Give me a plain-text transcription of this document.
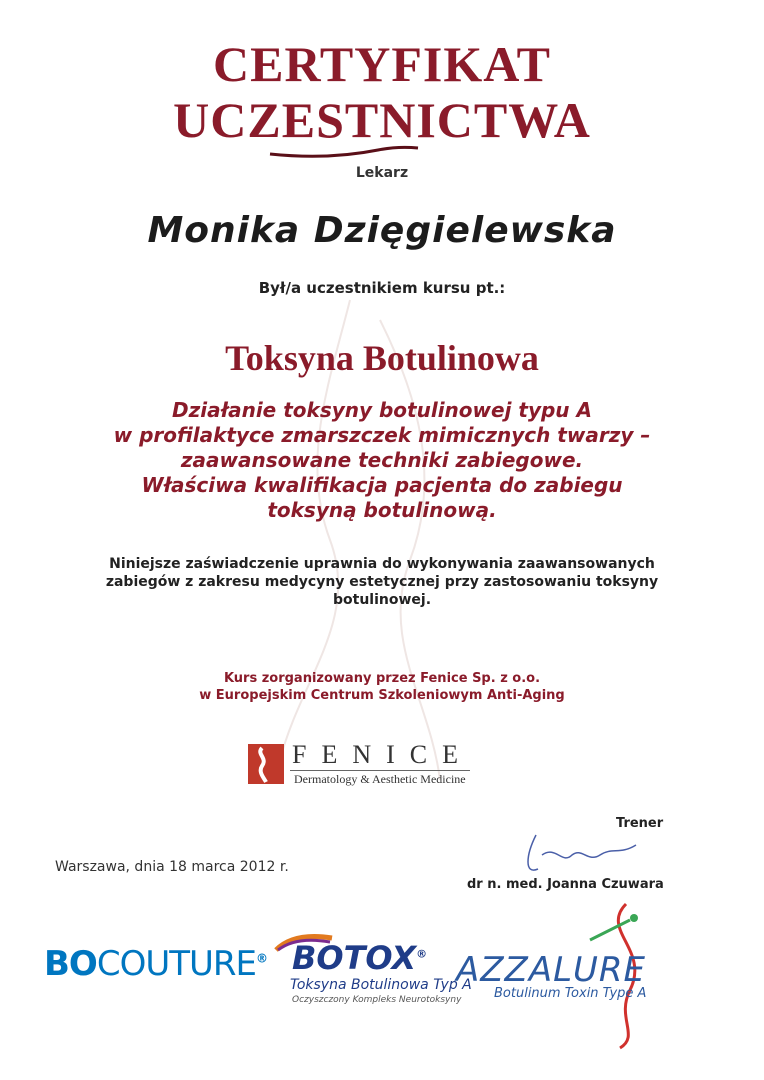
CERTYFIKAT
UCZESTNICTWA
Lekarz
Monika Dzięgielewska
Był/a uczestnikiem kursu pt.:
Toksyna Botulinowa
Działanie toksyny botulinowej typu A
w profilaktyce zmarszczek mimicznych twarzy –
zaawansowane techniki zabiegowe.
Właściwa kwalifikacja pacjenta do zabiegu
toksyną botulinową.
Niniejsze zaświadczenie uprawnia do wykonywania zaawansowanych
zabiegów z zakresu medycyny estetycznej przy zastosowaniu toksyny
botulinowej.
Kurs zorganizowany przez Fenice Sp. z o.o.
w Europejskim Centrum Szkoleniowym Anti-Aging
FENICE
Dermatology & Aesthetic Medicine
Trener
Warszawa, dnia 18 marca 2012 r.
dr n. med. Joanna Czuwara
BOCOUTURE® BOTOX®
Toksyna Botulinowa Typ A
Oczyszczony Kompleks Neurotoksyny
AZZALURE
Botulinum Toxin Type A
